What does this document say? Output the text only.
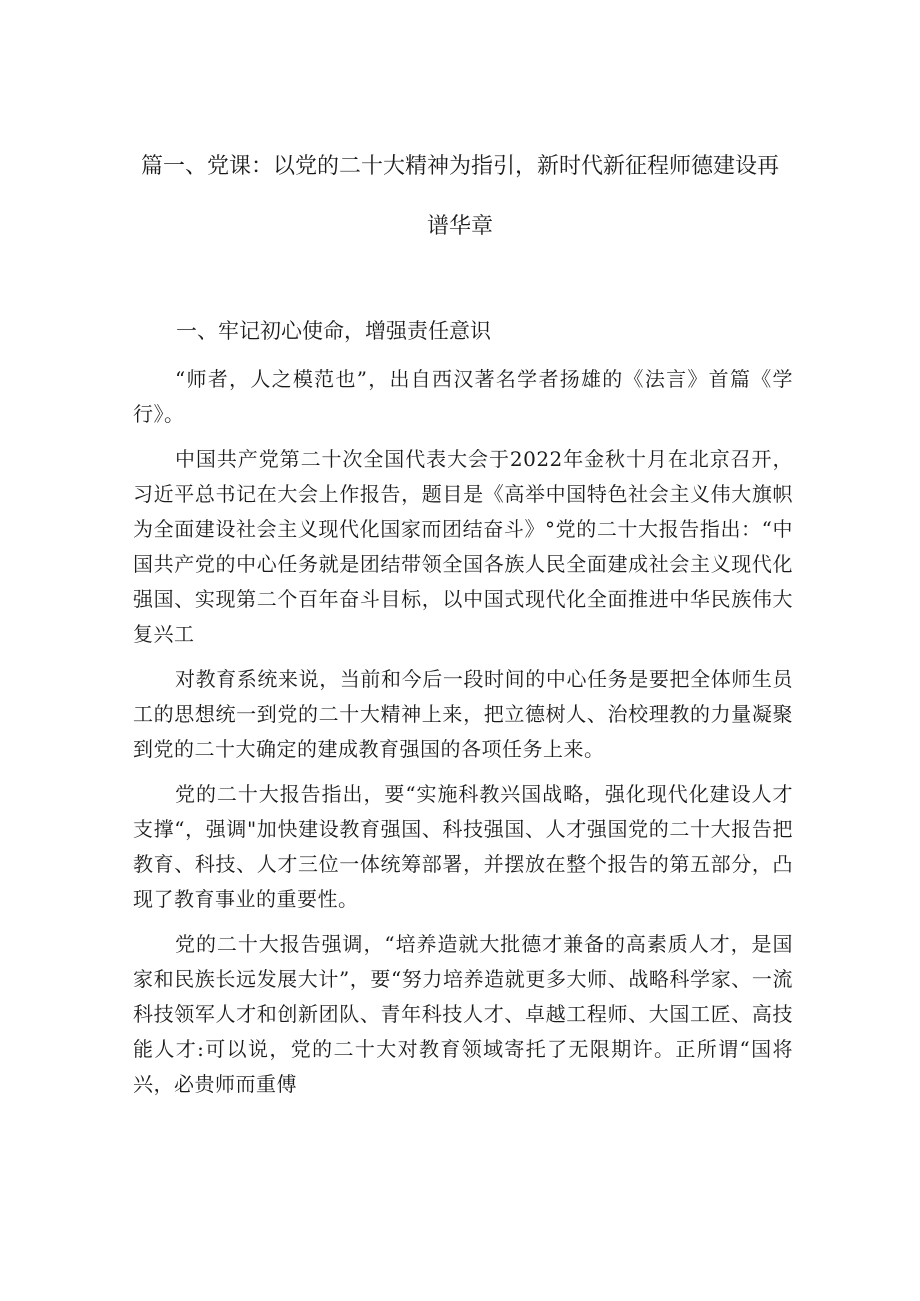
篇一、党课：以党的二十大精神为指引，新时代新征程师德建设再
谱华章
一、牢记初心使命，增强责任意识

“师者，人之模范也”，出自西汉著名学者扬雄的《法言》首篇《学行》。

中国共产党第二十次全国代表大会于2022年金秋十月在北京召开，习近平总书记在大会上作报告，题目是《高举中国特色社会主义伟大旗帜为全面建设社会主义现代化国家而团结奋斗》°党的二十大报告指出：“中国共产党的中心任务就是团结带领全国各族人民全面建成社会主义现代化强国、实现第二个百年奋斗目标，以中国式现代化全面推进中华民族伟大复兴工

对教育系统来说，当前和今后一段时间的中心任务是要把全体师生员工的思想统一到党的二十大精神上来，把立德树人、治校理教的力量凝聚到党的二十大确定的建成教育强国的各项任务上来。

党的二十大报告指出，要“实施科教兴国战略，强化现代化建设人才支撑“，强调"加快建设教育强国、科技强国、人才强国党的二十大报告把教育、科技、人才三位一体统筹部署，并摆放在整个报告的第五部分，凸现了教育事业的重要性。

党的二十大报告强调，“培养造就大批德才兼备的高素质人才，是国家和民族长远发展大计”，要“努力培养造就更多大师、战略科学家、一流科技领军人才和创新团队、青年科技人才、卓越工程师、大国工匠、高技能人才:可以说，党的二十大对教育领域寄托了无限期许。正所谓“国将兴，必贵师而重傅
